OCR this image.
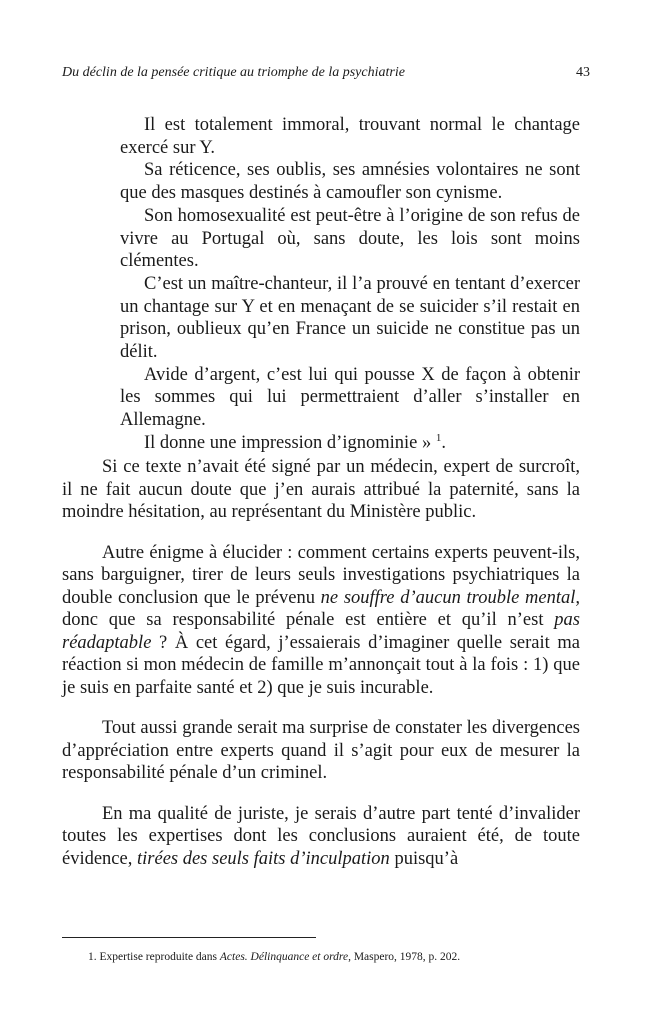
Du déclin de la pensée critique au triomphe de la psychiatrie	43

Il est totalement immoral, trouvant normal le chantage exercé sur Y.

Sa réticence, ses oublis, ses amnésies volontaires ne sont que des masques destinés à camoufler son cynisme.

Son homosexualité est peut-être à l’origine de son refus de vivre au Portugal où, sans doute, les lois sont moins clémentes.

C’est un maître-chanteur, il l’a prouvé en tentant d’exercer un chantage sur Y et en menaçant de se suicider s’il restait en prison, oublieux qu’en France un suicide ne constitue pas un délit.

Avide d’argent, c’est lui qui pousse X de façon à obtenir les sommes qui lui permettraient d’aller s’installer en Allemagne.

Il donne une impression d’ignominie » $^1$.

Si ce texte n’avait été signé par un médecin, expert de surcroît, il ne fait aucun doute que j’en aurais attribué la paternité, sans la moindre hésitation, au représentant du Ministère public.

Autre énigme à élucider : comment certains experts peuvent-ils, sans barguigner, tirer de leurs seuls investigations psychiatriques la double conclusion que le prévenu ne souffre d’aucun trouble mental, donc que sa responsabilité pénale est entière et qu’il n’est pas réadaptable ? À cet égard, j’essaierais d’imaginer quelle serait ma réaction si mon médecin de famille m’annonçait tout à la fois : 1) que je suis en parfaite santé et 2) que je suis incurable.

Tout aussi grande serait ma surprise de constater les divergences d’appréciation entre experts quand il s’agit pour eux de mesurer la responsabilité pénale d’un criminel.

En ma qualité de juriste, je serais d’autre part tenté d’invalider toutes les expertises dont les conclusions auraient été, de toute évidence, tirées des seuls faits d’inculpation puisqu’à

1. Expertise reproduite dans Actes. Délinquance et ordre, Maspero, 1978, p. 202.
